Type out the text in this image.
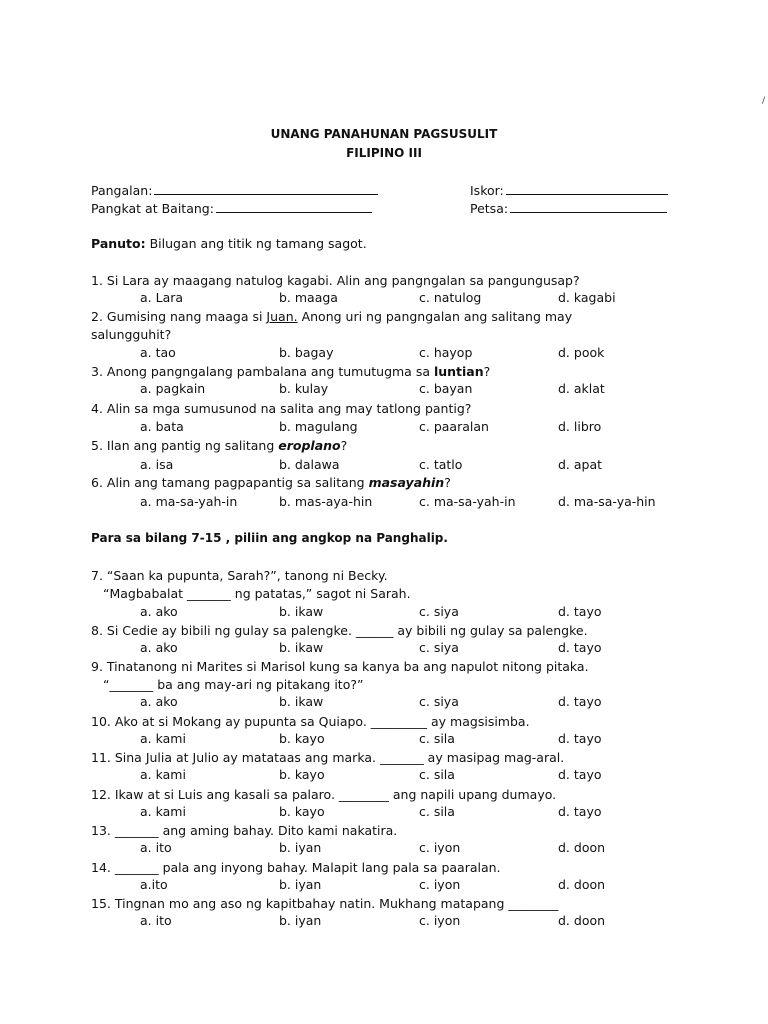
/
UNANG PANAHUNAN PAGSUSULIT
FILIPINO III
Pangalan:	Iskor:
Pangkat at Baitang:	Petsa:
Panuto: Bilugan ang titik ng tamang sagot.
1. Si Lara ay maagang natulog kagabi. Alin ang pangngalan sa pangungusap?
a. Lara	b. maaga	c. natulog	d. kagabi
2. Gumising nang maaga si Juan. Anong uri ng pangngalan ang salitang may salungguhit?
a. tao	b. bagay	c. hayop	d. pook
3. Anong pangngalang pambalana ang tumutugma sa luntian?
a. pagkain	b. kulay	c. bayan	d. aklat
4. Alin sa mga sumusunod na salita ang may tatlong pantig?
a. bata	b. magulang	c. paaralan	d. libro
5. Ilan ang pantig ng salitang eroplano?
a. isa	b. dalawa	c. tatlo	d. apat
6. Alin ang tamang pagpapantig sa salitang masayahin?
a. ma-sa-yah-in	b. mas-aya-hin	c. ma-sa-yah-in	d. ma-sa-ya-hin
Para sa bilang 7-15 , piliin ang angkop na Panghalip.
7. “Saan ka pupunta, Sarah?”, tanong ni Becky.
“Magbabalat _______ ng patatas,” sagot ni Sarah.
a. ako	b. ikaw	c. siya	d. tayo
8. Si Cedie ay bibili ng gulay sa palengke. ______ ay bibili ng gulay sa palengke.
a. ako	b. ikaw	c. siya	d. tayo
9. Tinatanong ni Marites si Marisol kung sa kanya ba ang napulot nitong pitaka.
“_______ ba ang may-ari ng pitakang ito?”
a. ako	b. ikaw	c. siya	d. tayo
10. Ako at si Mokang ay pupunta sa Quiapo. _________ ay magsisimba.
a. kami	b. kayo	c. sila	d. tayo
11. Sina Julia at Julio ay matataas ang marka. _______ ay masipag mag-aral.
a. kami	b. kayo	c. sila	d. tayo
12. Ikaw at si Luis ang kasali sa palaro. ________ ang napili upang dumayo.
a. kami	b. kayo	c. sila	d. tayo
13. _______ ang aming bahay. Dito kami nakatira.
a. ito	b. iyan	c. iyon	d. doon
14. _______ pala ang inyong bahay. Malapit lang pala sa paaralan.
a.ito	b. iyan	c. iyon	d. doon
15. Tingnan mo ang aso ng kapitbahay natin. Mukhang matapang ________
a. ito	b. iyan	c. iyon	d. doon
